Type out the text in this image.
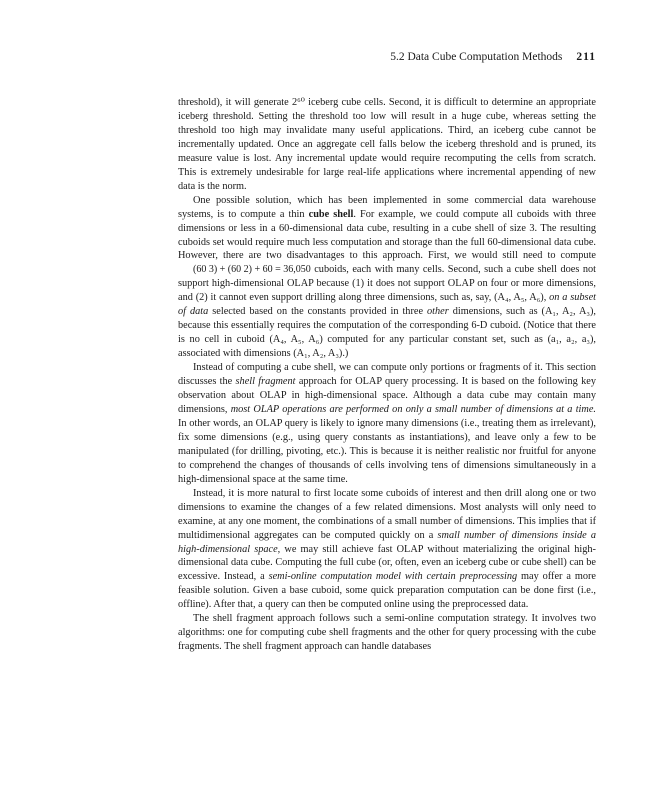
5.2 Data Cube Computation Methods 211

threshold), it will generate 2⁶⁰ iceberg cube cells. Second, it is difficult to determine an appropriate iceberg threshold. Setting the threshold too low will result in a huge cube, whereas setting the threshold too high may invalidate many useful applications. Third, an iceberg cube cannot be incrementally updated. Once an aggregate cell falls below the iceberg threshold and is pruned, its measure value is lost. Any incremental update would require recomputing the cells from scratch. This is extremely undesirable for large real-life applications where incremental appending of new data is the norm.

One possible solution, which has been implemented in some commercial data warehouse systems, is to compute a thin cube shell. For example, we could compute all cuboids with three dimensions or less in a 60-dimensional data cube, resulting in a cube shell of size 3. The resulting cuboids set would require much less computation and storage than the full 60-dimensional data cube. However, there are two disadvantages to this approach. First, we would still need to compute (60 3) + (60 2) + 60 = 36,050 cuboids, each with many cells. Second, such a cube shell does not support high-dimensional OLAP because (1) it does not support OLAP on four or more dimensions, and (2) it cannot even support drilling along three dimensions, such as, say, (A₄, A₅, A₆), on a subset of data selected based on the constants provided in three other dimensions, such as (A₁, A₂, A₃), because this essentially requires the computation of the corresponding 6-D cuboid. (Notice that there is no cell in cuboid (A₄, A₅, A₆) computed for any particular constant set, such as (a₁, a₂, a₃), associated with dimensions (A₁, A₂, A₃).)

Instead of computing a cube shell, we can compute only portions or fragments of it. This section discusses the shell fragment approach for OLAP query processing. It is based on the following key observation about OLAP in high-dimensional space. Although a data cube may contain many dimensions, most OLAP operations are performed on only a small number of dimensions at a time. In other words, an OLAP query is likely to ignore many dimensions (i.e., treating them as irrelevant), fix some dimensions (e.g., using query constants as instantiations), and leave only a few to be manipulated (for drilling, pivoting, etc.). This is because it is neither realistic nor fruitful for anyone to comprehend the changes of thousands of cells involving tens of dimensions simultaneously in a high-dimensional space at the same time.

Instead, it is more natural to first locate some cuboids of interest and then drill along one or two dimensions to examine the changes of a few related dimensions. Most analysts will only need to examine, at any one moment, the combinations of a small number of dimensions. This implies that if multidimensional aggregates can be computed quickly on a small number of dimensions inside a high-dimensional space, we may still achieve fast OLAP without materializing the original high-dimensional data cube. Computing the full cube (or, often, even an iceberg cube or cube shell) can be excessive. Instead, a semi-online computation model with certain preprocessing may offer a more feasible solution. Given a base cuboid, some quick preparation computation can be done first (i.e., offline). After that, a query can then be computed online using the preprocessed data.

The shell fragment approach follows such a semi-online computation strategy. It involves two algorithms: one for computing cube shell fragments and the other for query processing with the cube fragments. The shell fragment approach can handle databases
